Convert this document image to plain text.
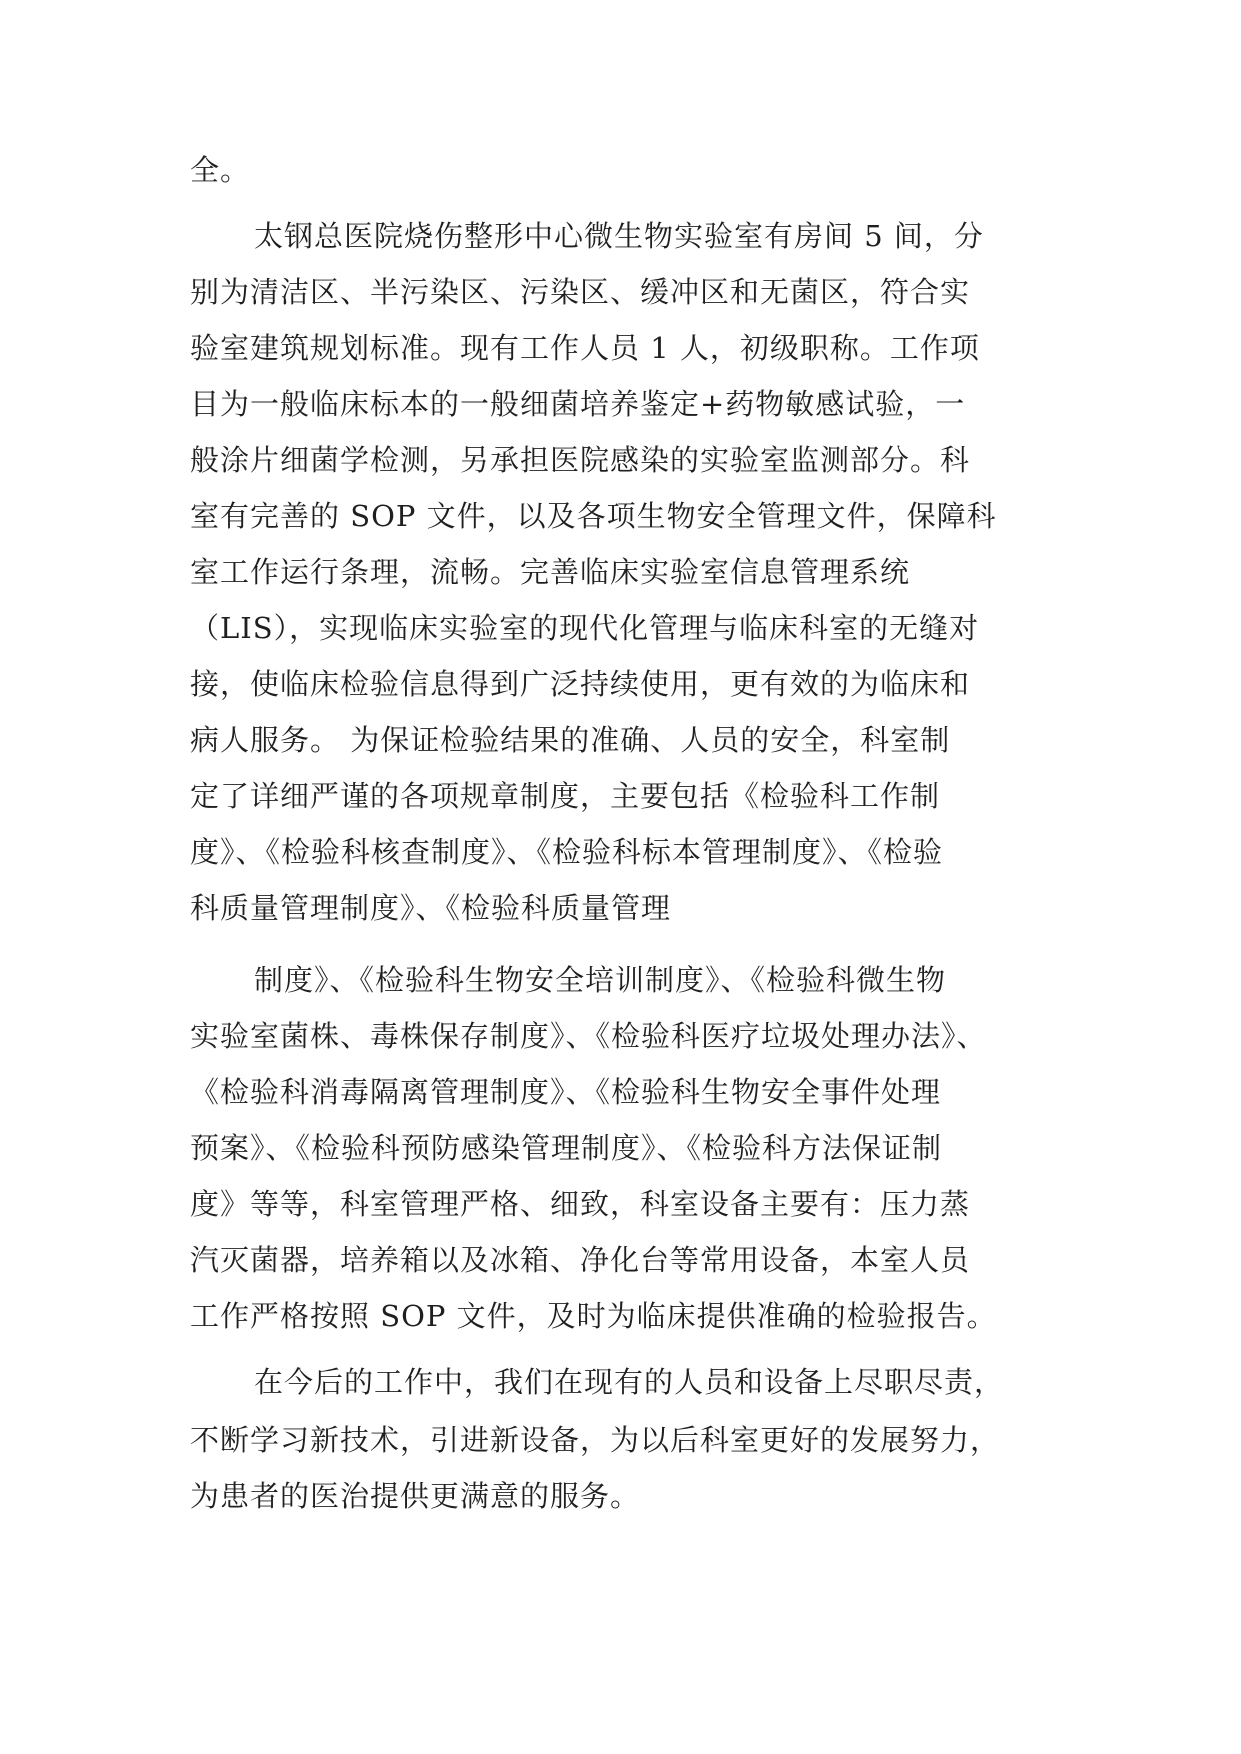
全。
太钢总医院烧伤整形中心微生物实验室有房间 5 间，分
别为清洁区、半污染区、污染区、缓冲区和无菌区，符合实
验室建筑规划标准。现有工作人员 1 人，初级职称。工作项
目为一般临床标本的一般细菌培养鉴定+药物敏感试验，一
般涂片细菌学检测，另承担医院感染的实验室监测部分。科
室有完善的 SOP 文件，以及各项生物安全管理文件，保障科
室工作运行条理，流畅。完善临床实验室信息管理系统
（LIS），实现临床实验室的现代化管理与临床科室的无缝对
接，使临床检验信息得到广泛持续使用，更有效的为临床和
病人服务。 为保证检验结果的准确、人员的安全，科室制
定了详细严谨的各项规章制度，主要包括《检验科工作制
度》、《检验科核查制度》、《检验科标本管理制度》、《检验
科质量管理制度》、《检验科质量管理
制度》、《检验科生物安全培训制度》、《检验科微生物
实验室菌株、毒株保存制度》、《检验科医疗垃圾处理办法》、
《检验科消毒隔离管理制度》、《检验科生物安全事件处理
预案》、《检验科预防感染管理制度》、《检验科方法保证制
度》等等，科室管理严格、细致，科室设备主要有：压力蒸
汽灭菌器，培养箱以及冰箱、净化台等常用设备，本室人员
工作严格按照 SOP 文件，及时为临床提供准确的检验报告。
在今后的工作中，我们在现有的人员和设备上尽职尽责，
不断学习新技术，引进新设备，为以后科室更好的发展努力，
为患者的医治提供更满意的服务。
